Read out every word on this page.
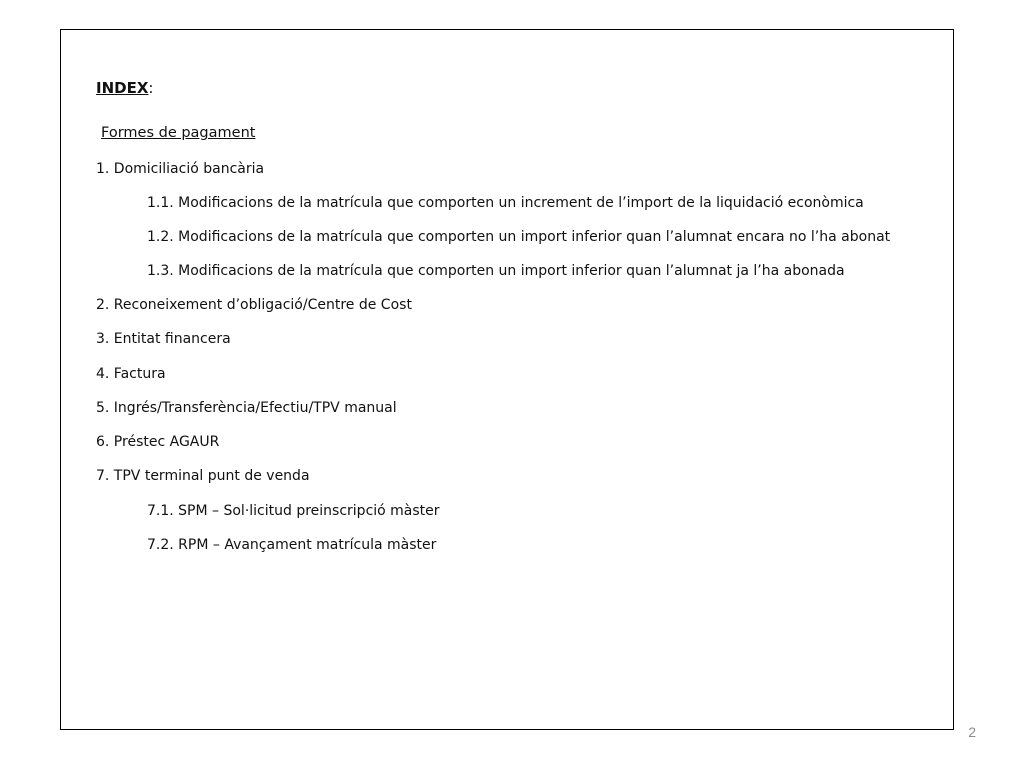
INDEX:
Formes de pagament
1. Domiciliació bancària
1.1. Modificacions de la matrícula que comporten un increment de l’import de la liquidació econòmica
1.2. Modificacions de la matrícula que comporten un import inferior quan l’alumnat encara no l’ha abonat
1.3. Modificacions de la matrícula que comporten un import inferior quan l’alumnat ja l’ha abonada
2. Reconeixement d’obligació/Centre de Cost
3. Entitat financera
4. Factura
5. Ingrés/Transferència/Efectiu/TPV manual
6. Préstec AGAUR
7. TPV terminal punt de venda
7.1. SPM – Sol·licitud preinscripció màster
7.2. RPM – Avançament matrícula màster
2
